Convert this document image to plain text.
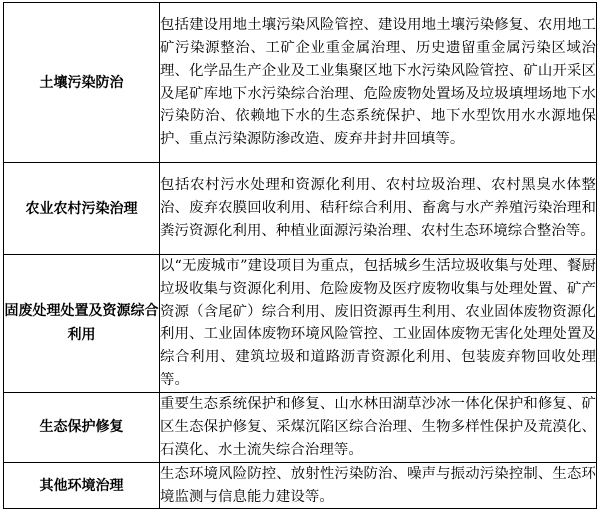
土壤污染防治	包括建设用地土壤污染风险管控、建设用地土壤污染修复、农用地工矿污染源整治、工矿企业重金属治理、历史遗留重金属污染区域治理、化学品生产企业及工业集聚区地下水污染风险管控、矿山开采区及尾矿库地下水污染综合治理、危险废物处置场及垃圾填埋场地下水污染防治、依赖地下水的生态系统保护、地下水型饮用水水源地保护、重点污染源防渗改造、废弃井封井回填等。
农业农村污染治理	包括农村污水处理和资源化利用、农村垃圾治理、农村黑臭水体整治、废弃农膜回收利用、秸秆综合利用、畜禽与水产养殖污染治理和粪污资源化利用、种植业面源污染治理、农村生态环境综合整治等。
固废处理处置及资源综合利用	以“无废城市”建设项目为重点，包括城乡生活垃圾收集与处理、餐厨垃圾收集与资源化利用、危险废物及医疗废物收集与处理处置、矿产资源（含尾矿）综合利用、废旧资源再生利用、农业固体废物资源化利用、工业固体废物环境风险管控、工业固体废物无害化处理处置及综合利用、建筑垃圾和道路沥青资源化利用、包装废弃物回收处理等。
生态保护修复	重要生态系统保护和修复、山水林田湖草沙冰一体化保护和修复、矿区生态保护修复、采煤沉陷区综合治理、生物多样性保护及荒漠化、石漠化、水土流失综合治理等。
其他环境治理	生态环境风险防控、放射性污染防治、噪声与振动污染控制、生态环境监测与信息能力建设等。
